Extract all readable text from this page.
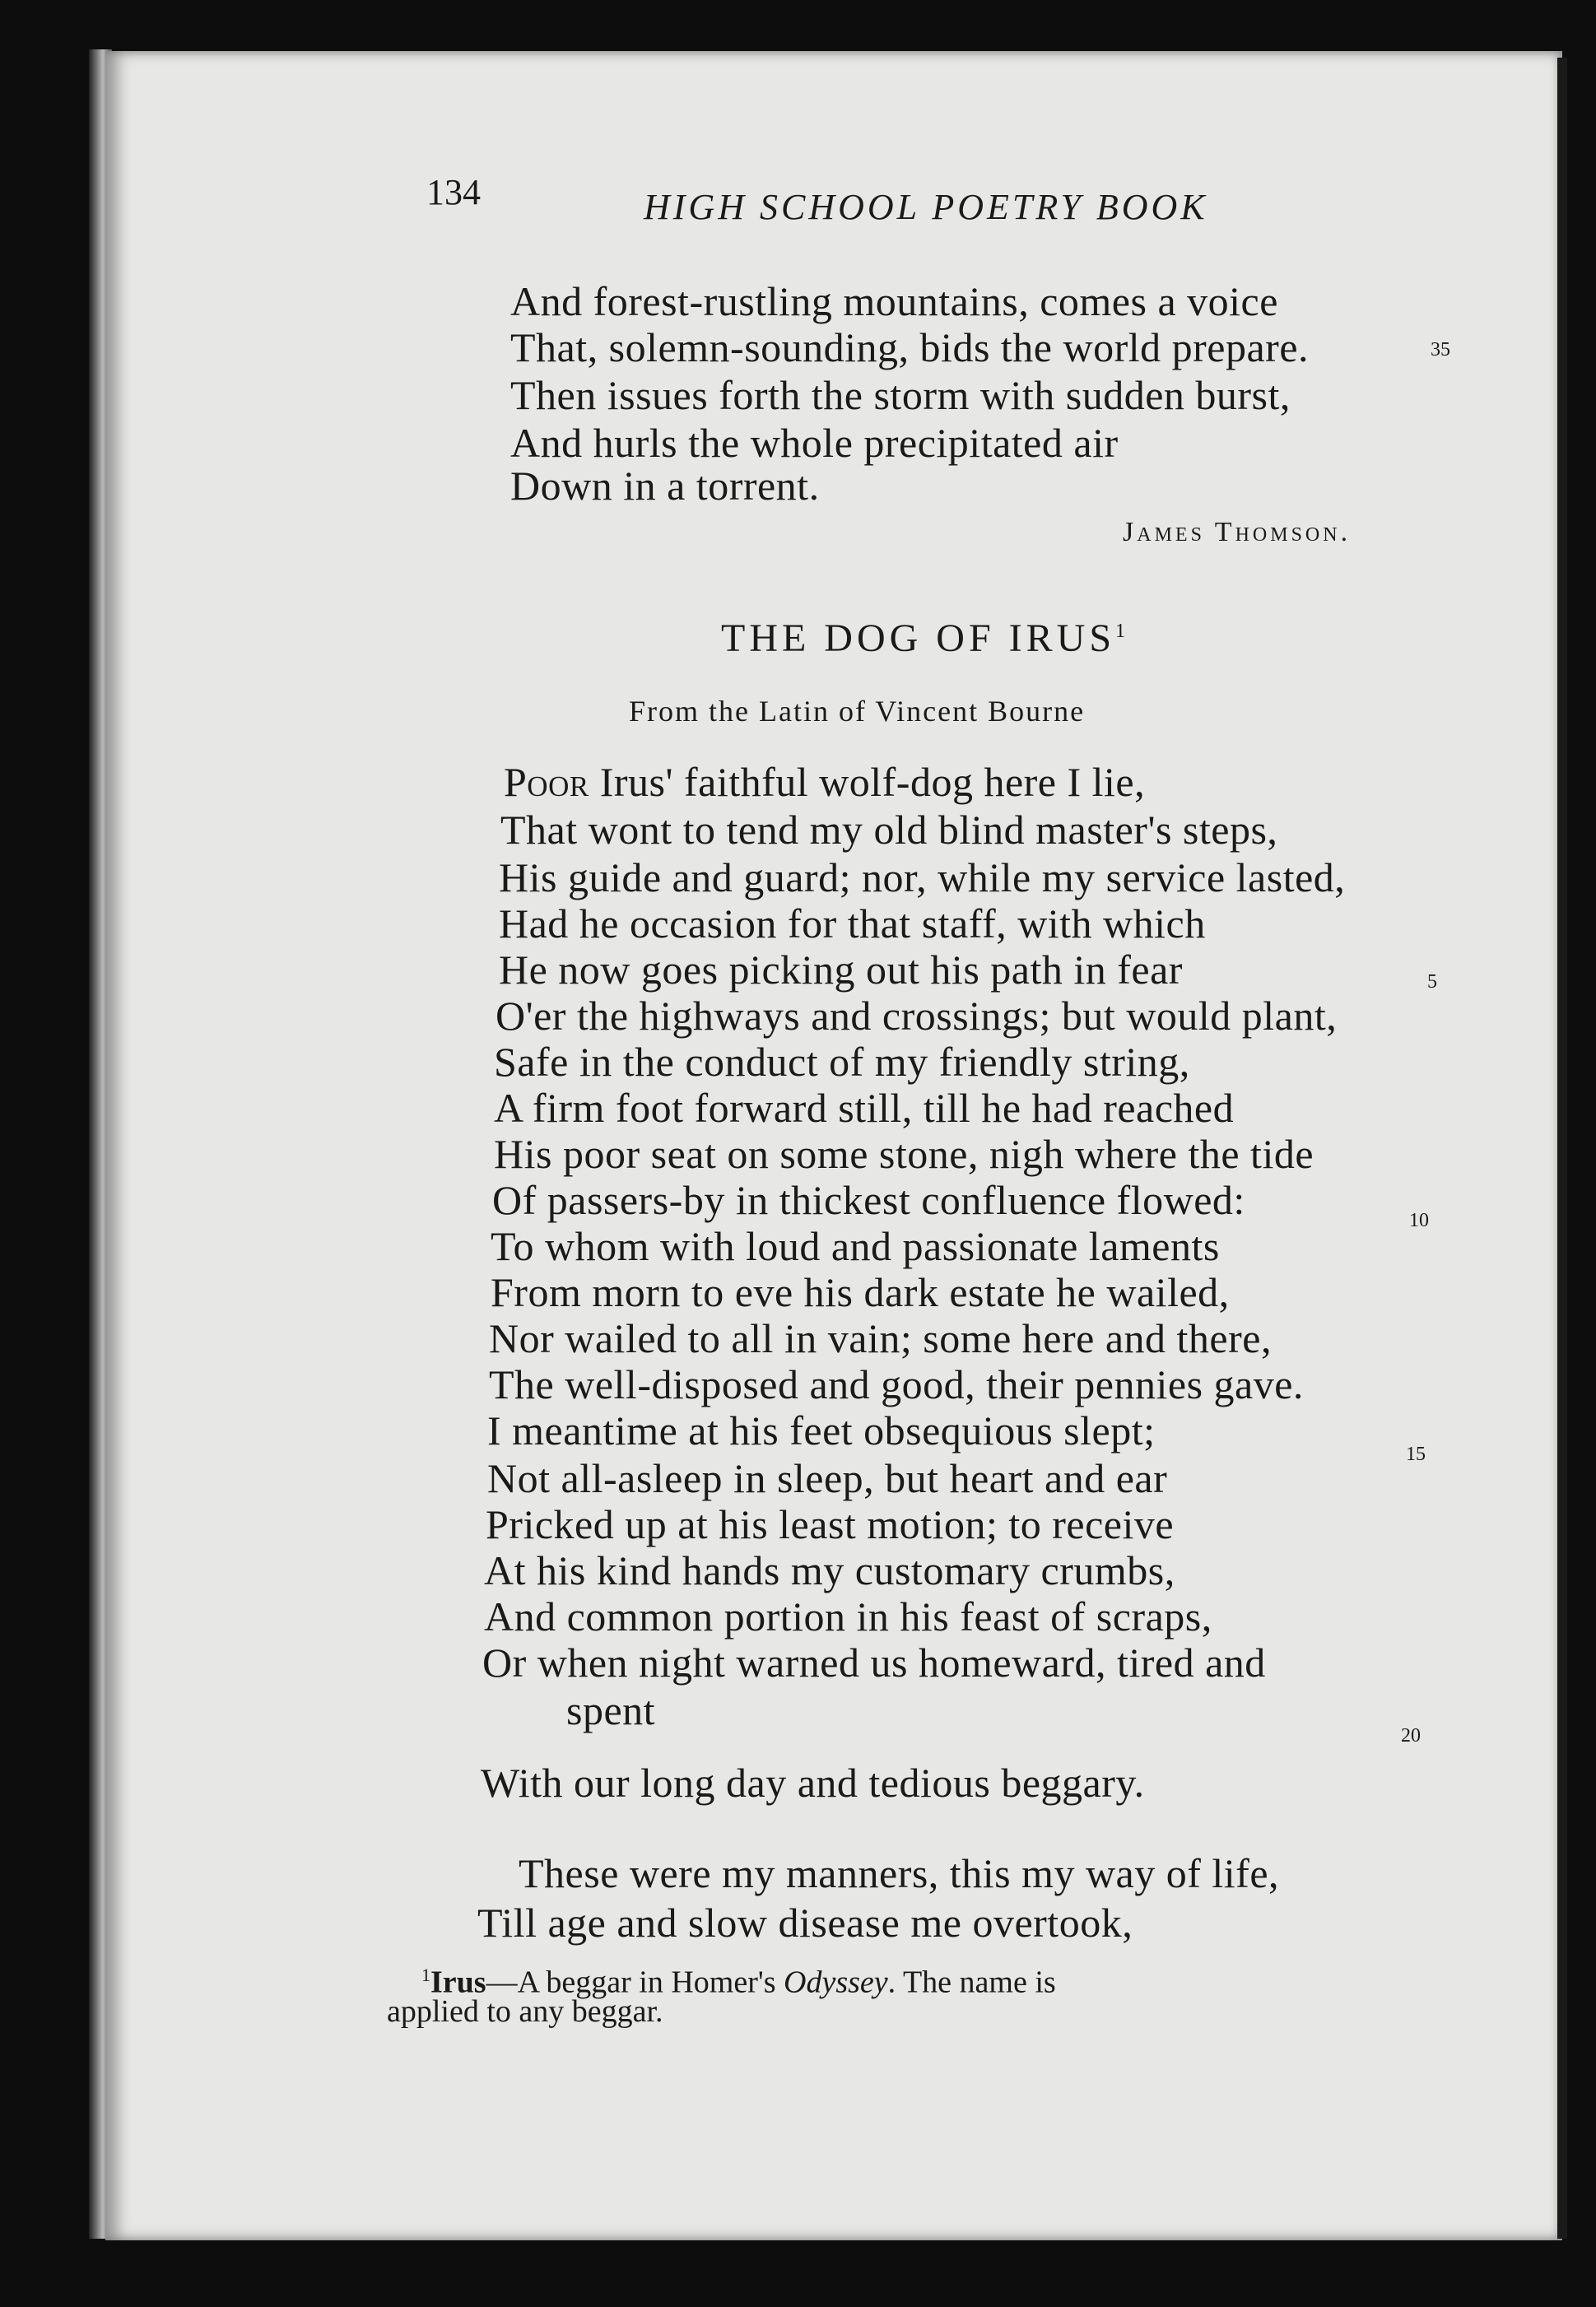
134	HIGH SCHOOL POETRY BOOK
And forest-rustling mountains, comes a voice
That, solemn-sounding, bids the world prepare.	35
Then issues forth the storm with sudden burst,
And hurls the whole precipitated air
Down in a torrent.
James Thomson.
THE DOG OF IRUS$^1$
From the Latin of Vincent Bourne
Poor Irus' faithful wolf-dog here I lie,
That wont to tend my old blind master's steps,
His guide and guard; nor, while my service lasted,
Had he occasion for that staff, with which
He now goes picking out his path in fear	5
O'er the highways and crossings; but would plant,
Safe in the conduct of my friendly string,
A firm foot forward still, till he had reached
His poor seat on some stone, nigh where the tide
Of passers-by in thickest confluence flowed:	10
To whom with loud and passionate laments
From morn to eve his dark estate he wailed,
Nor wailed to all in vain; some here and there,
The well-disposed and good, their pennies gave.
I meantime at his feet obsequious slept;
15
Not all-asleep in sleep, but heart and ear
Pricked up at his least motion; to receive
At his kind hands my customary crumbs,
And common portion in his feast of scraps,
Or when night warned us homeward, tired and
spent
20
With our long day and tedious beggary.
These were my manners, this my way of life,
Till age and slow disease me overtook,
$^1$Irus—A beggar in Homer's Odyssey. The name is
applied to any beggar.
